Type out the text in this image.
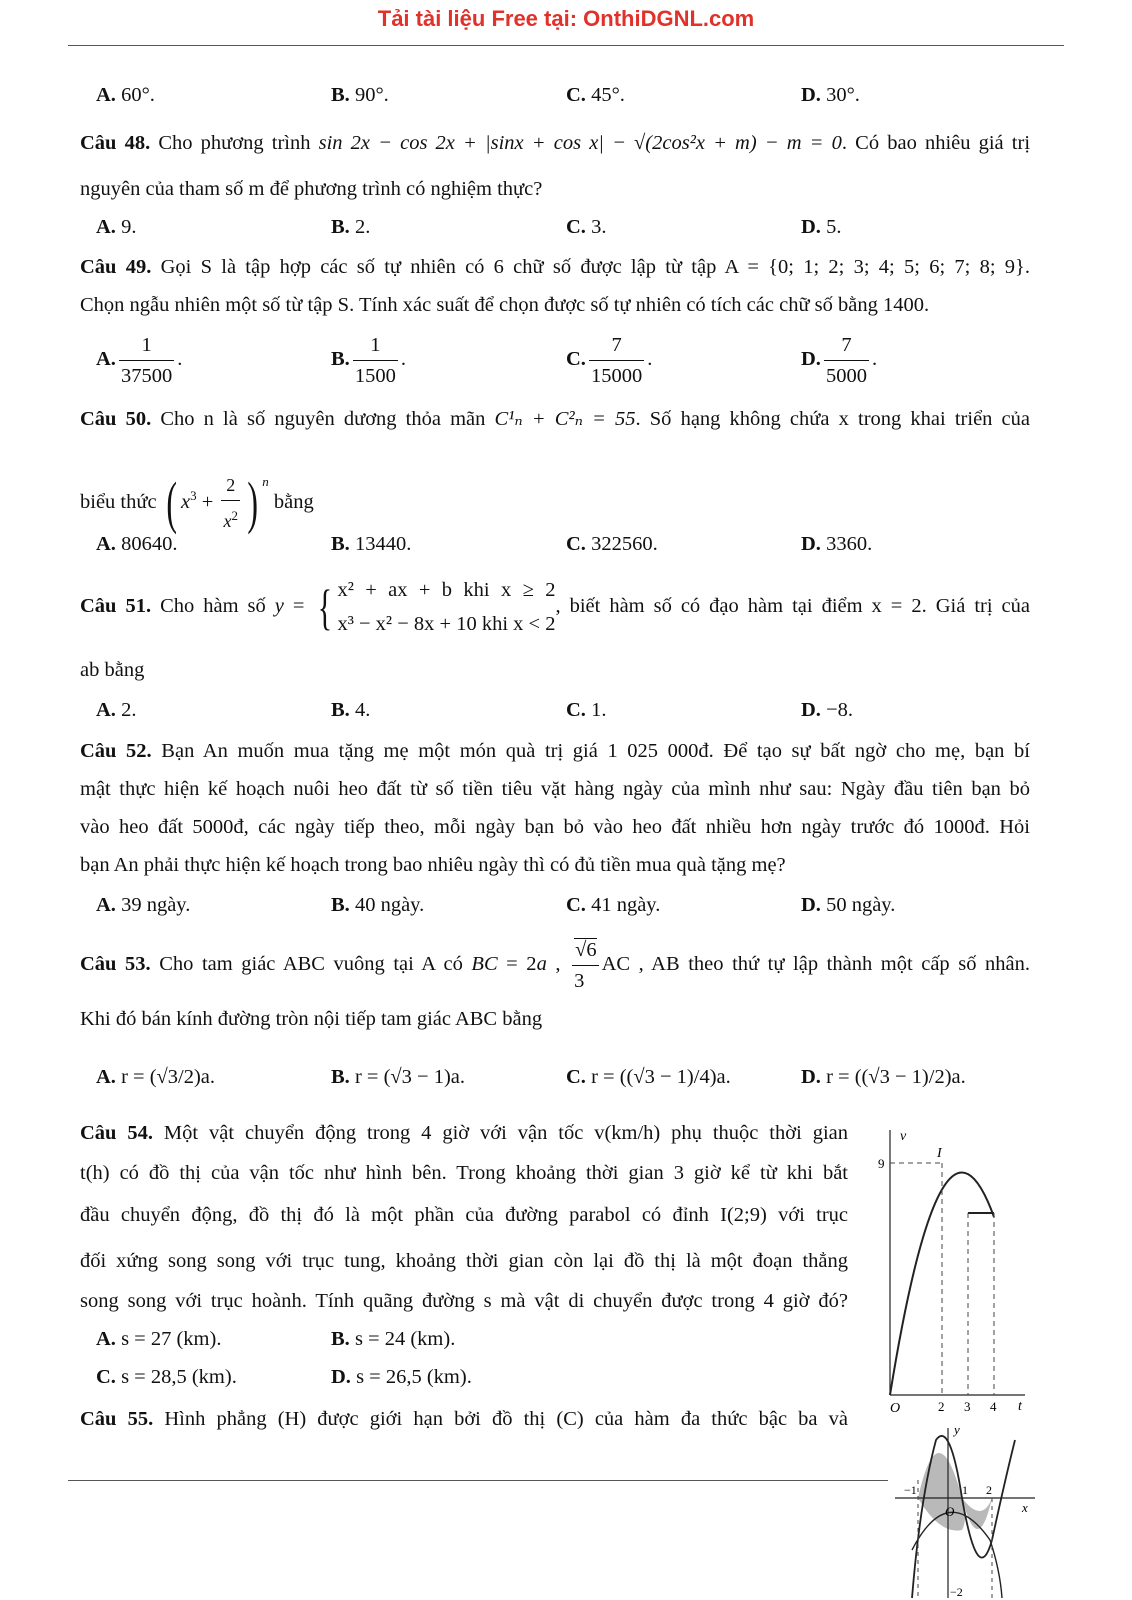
Tải tài liệu Free tại: OnthiDGNL.com
A. 60°.	B. 90°.	C. 45°.	D. 30°.
Câu 48. Cho phương trình sin 2x − cos 2x + |sinx + cos x| − √(2cos²x + m) − m = 0. Có bao nhiêu giá trị
nguyên của tham số m để phương trình có nghiệm thực?
A. 9.	B. 2.	C. 3.	D. 5.
Câu 49. Gọi S là tập hợp các số tự nhiên có 6 chữ số được lập từ tập A = {0; 1; 2; 3; 4; 5; 6; 7; 8; 9}.
Chọn ngẫu nhiên một số từ tập S. Tính xác suất để chọn được số tự nhiên có tích các chữ số bằng 1400.
A. $\frac{1}{37500}$ .	B. $\frac{1}{1500}$ .	C. $\frac{7}{15000}$ .	D. $\frac{7}{5000}$ .
Câu 50. Cho n là số nguyên dương thỏa mãn C¹ₙ + C²ₙ = 55. Số hạng không chứa x trong khai triển của
biểu thức ( $x^3 + \frac{2}{x^2}$ ) $^n$ bằng
A. 80640.	B. 13440.	C. 322560.	D. 3360.
Câu 51. Cho hàm số y = { x² + ax + b khi x ≥ 2
x³ − x² − 8x + 10 khi x < 2
, biết hàm số có đạo hàm tại điểm x = 2. Giá trị của
ab bằng
A. 2.	B. 4.	C. 1.	D. −8.
Câu 52. Bạn An muốn mua tặng mẹ một món quà trị giá 1 025 000đ. Để tạo sự bất ngờ cho mẹ, bạn bí
mật thực hiện kế hoạch nuôi heo đất từ số tiền tiêu vặt hàng ngày của mình như sau: Ngày đầu tiên bạn bỏ
vào heo đất 5000đ, các ngày tiếp theo, mỗi ngày bạn bỏ vào heo đất nhiều hơn ngày trước đó 1000đ. Hỏi
bạn An phải thực hiện kế hoạch trong bao nhiêu ngày thì có đủ tiền mua quà tặng mẹ?
A. 39 ngày.	B. 40 ngày.	C. 41 ngày.	D. 50 ngày.
Câu 53. Cho tam giác ABC vuông tại A có BC = 2a , $\frac{√6}{3}$ AC , AB theo thứ tự lập thành một cấp số nhân.
Khi đó bán kính đường tròn nội tiếp tam giác ABC bằng
A. r = (√3/2)a.	B. r = (√3 − 1)a.	C. r = ((√3 − 1)/4)a.	D. r = ((√3 − 1)/2)a.
Câu 54. Một vật chuyển động trong 4 giờ với vận tốc v(km/h) phụ thuộc thời gian
t(h) có đồ thị của vận tốc như hình bên. Trong khoảng thời gian 3 giờ kể từ khi bắt
đầu chuyển động, đồ thị đó là một phần của đường parabol có đỉnh I(2;9) với trục
đối xứng song song với trục tung, khoảng thời gian còn lại đồ thị là một đoạn thẳng
song song với trục hoành. Tính quãng đường s mà vật di chuyển được trong 4 giờ đó?
A. s = 27 (km).	B. s = 24 (km).
C. s = 28,5 (km).	D. s = 26,5 (km).
v
t
O
I
9
2 3 4
Câu 55. Hình phẳng (H) được giới hạn bởi đồ thị (C) của hàm đa thức bậc ba và	y
x
O
−1	1 2
−2
